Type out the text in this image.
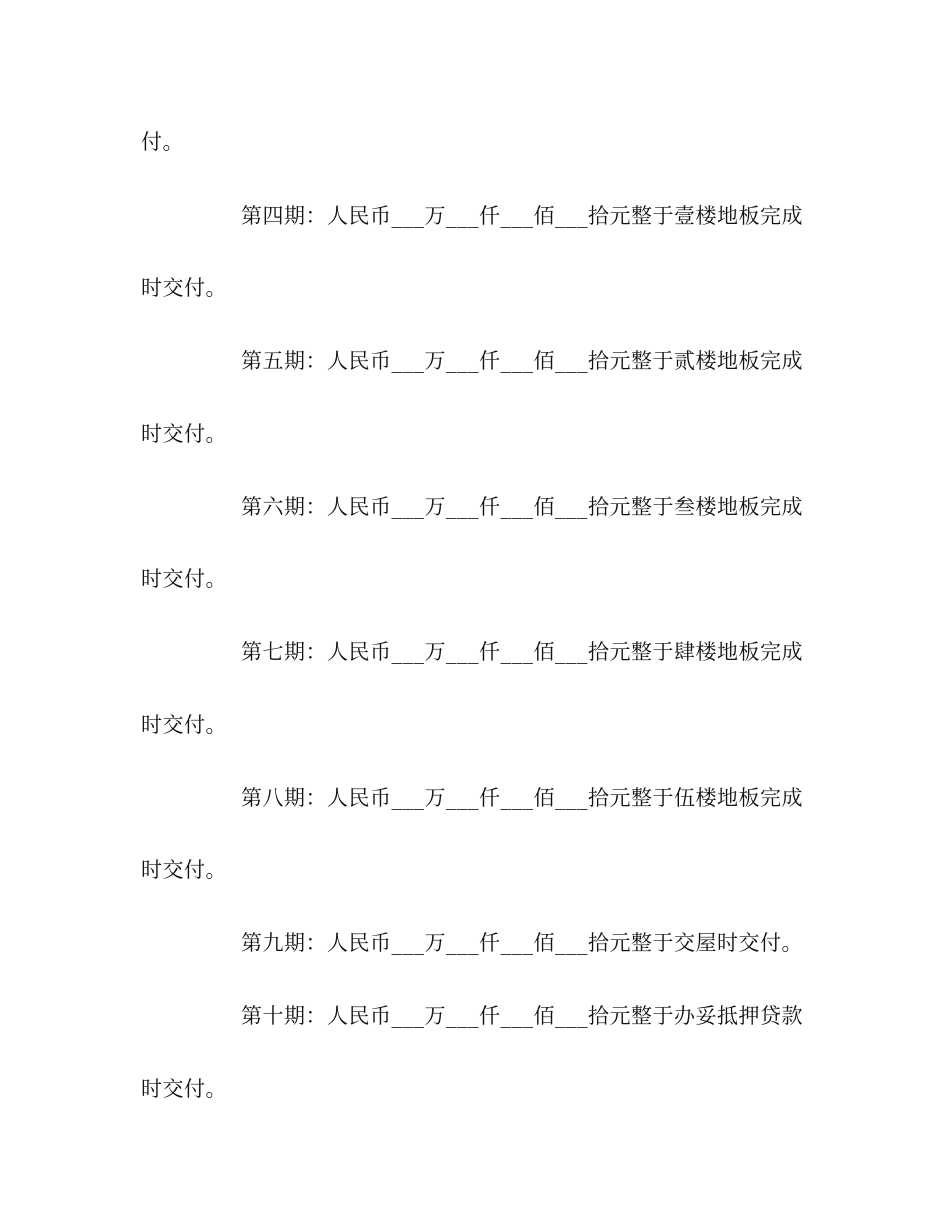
付。
第四期：人民币___万___仟___佰___拾元整于壹楼地板完成
时交付。
第五期：人民币___万___仟___佰___拾元整于贰楼地板完成
时交付。
第六期：人民币___万___仟___佰___拾元整于叁楼地板完成
时交付。
第七期：人民币___万___仟___佰___拾元整于肆楼地板完成
时交付。
第八期：人民币___万___仟___佰___拾元整于伍楼地板完成
时交付。
第九期：人民币___万___仟___佰___拾元整于交屋时交付。
第十期：人民币___万___仟___佰___拾元整于办妥抵押贷款
时交付。
